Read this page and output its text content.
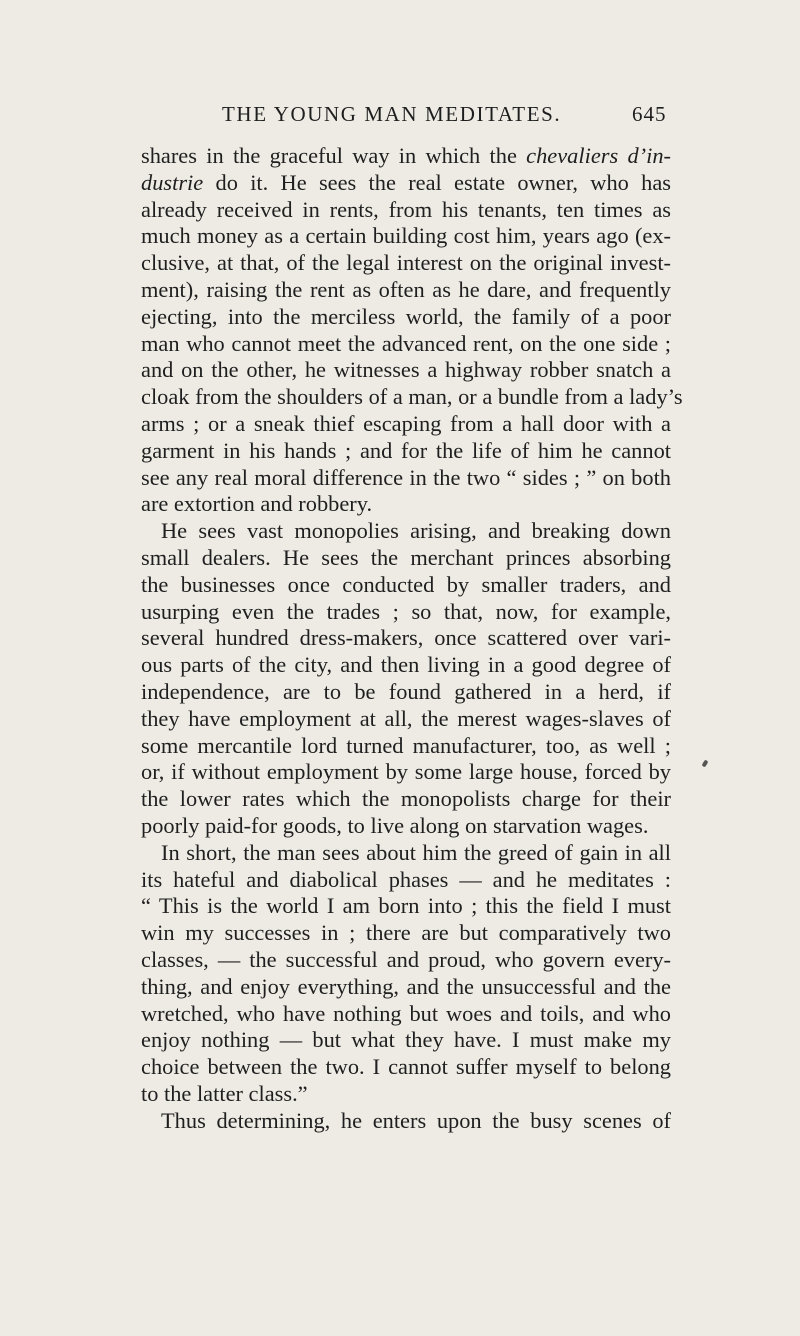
THE YOUNG MAN MEDITATES.	645
shares in the graceful way in which the chevaliers d’in-
dustrie do it. He sees the real estate owner, who has
already received in rents, from his tenants, ten times as
much money as a certain building cost him, years ago (ex-
clusive, at that, of the legal interest on the original invest-
ment), raising the rent as often as he dare, and frequently
ejecting, into the merciless world, the family of a poor
man who cannot meet the advanced rent, on the one side ;
and on the other, he witnesses a highway robber snatch a
cloak from the shoulders of a man, or a bundle from a lady’s
arms ; or a sneak thief escaping from a hall door with a
garment in his hands ; and for the life of him he cannot
see any real moral difference in the two “ sides ; ” on both
are extortion and robbery.
He sees vast monopolies arising, and breaking down
small dealers. He sees the merchant princes absorbing
the businesses once conducted by smaller traders, and
usurping even the trades ; so that, now, for example,
several hundred dress-makers, once scattered over vari-
ous parts of the city, and then living in a good degree of
independence, are to be found gathered in a herd, if
they have employment at all, the merest wages-slaves of
some mercantile lord turned manufacturer, too, as well ;
or, if without employment by some large house, forced by
the lower rates which the monopolists charge for their
poorly paid-for goods, to live along on starvation wages.
In short, the man sees about him the greed of gain in all
its hateful and diabolical phases — and he meditates :
“ This is the world I am born into ; this the field I must
win my successes in ; there are but comparatively two
classes, — the successful and proud, who govern every-
thing, and enjoy everything, and the unsuccessful and the
wretched, who have nothing but woes and toils, and who
enjoy nothing — but what they have. I must make my
choice between the two. I cannot suffer myself to belong
to the latter class.”
Thus determining, he enters upon the busy scenes of
